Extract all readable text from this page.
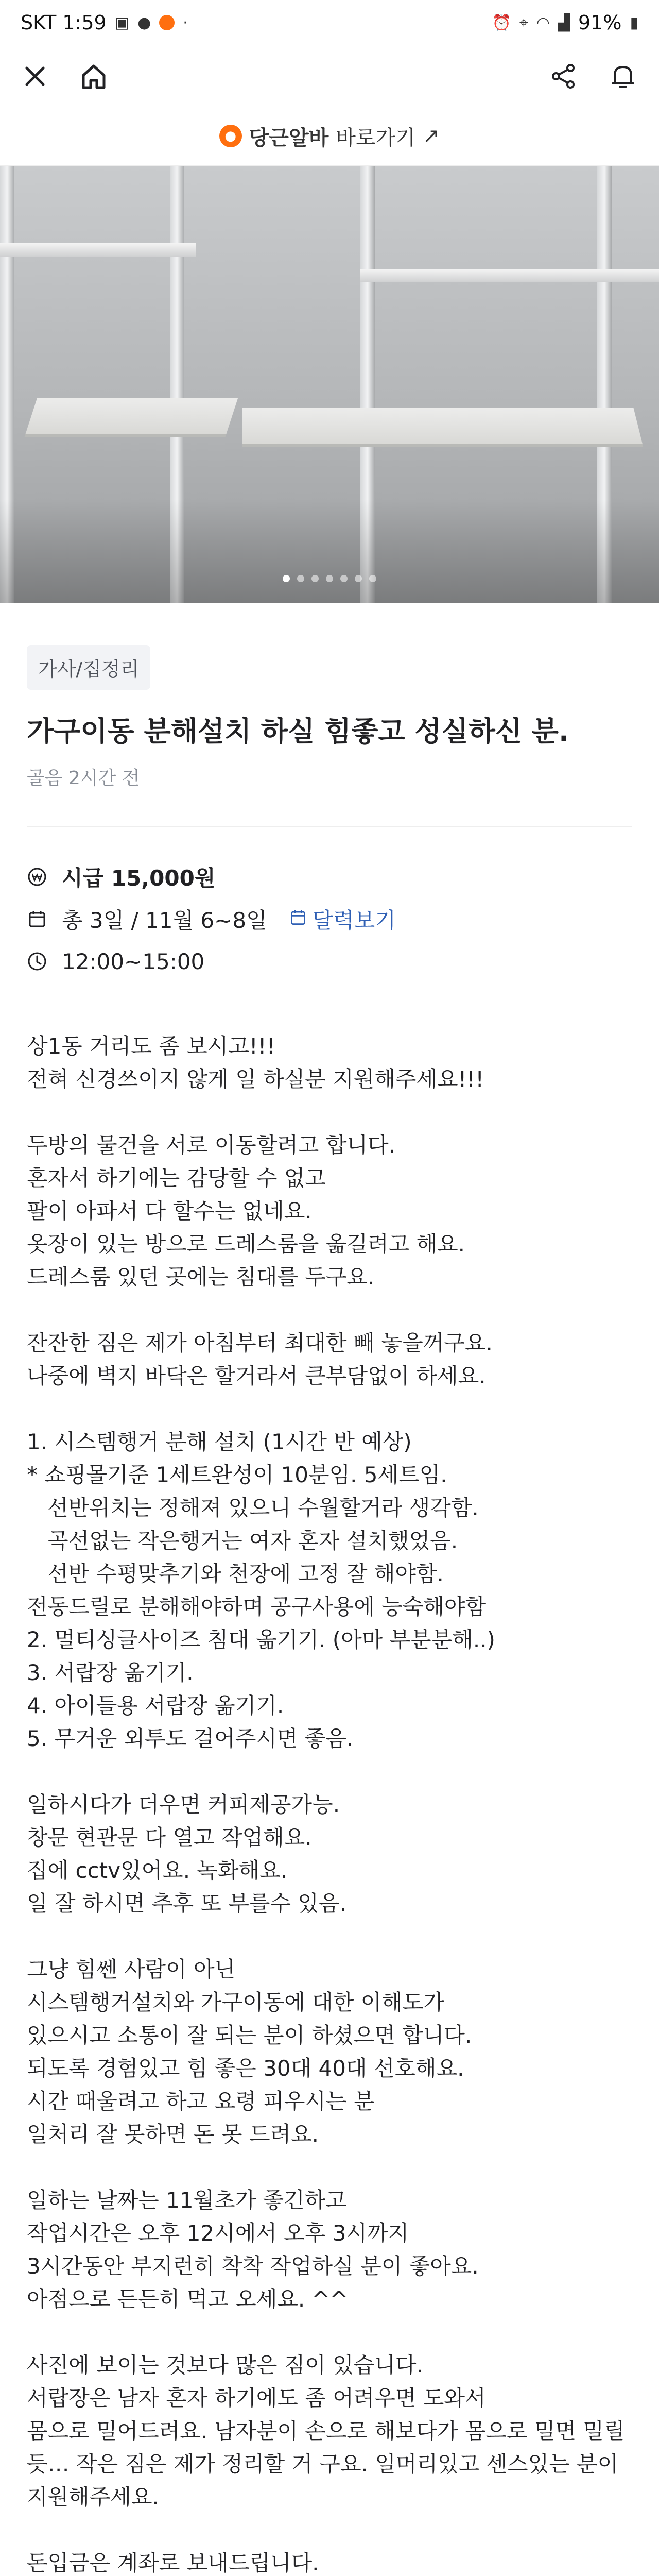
SKT 1:59 ▣ ● ·	⏰ ⌖ ◠ ▟ 91% ▮
● 당근알바 바로가기 ↗
가사/집정리
가구이동 분해설치 하실 힘좋고 성실하신 분.
골음 2시간 전
시급 15,000원
총 3일 / 11월 6~8일 달력보기
12:00~15:00
상1동 거리도 좀 보시고!!!
전혀 신경쓰이지 않게 일 하실분 지원해주세요!!!
두방의 물건을 서로 이동할려고 합니다.
혼자서 하기에는 감당할 수 없고
팔이 아파서 다 할수는 없네요.
옷장이 있는 방으로 드레스룸을 옮길려고 해요.
드레스룸 있던 곳에는 침대를 두구요.
잔잔한 짐은 제가 아침부터 최대한 빼 놓을꺼구요.
나중에 벽지 바닥은 할거라서 큰부담없이 하세요.
1. 시스템행거 분해 설치 (1시간 반 예상)
* 쇼핑몰기준 1세트완성이 10분임. 5세트임.
선반위치는 정해져 있으니 수월할거라 생각함.
곡선없는 작은행거는 여자 혼자 설치했었음.
선반 수평맞추기와 천장에 고정 잘 해야함.
전동드릴로 분해해야하며 공구사용에 능숙해야함
2. 멀티싱글사이즈 침대 옮기기. (아마 부분분해..)
3. 서랍장 옮기기.
4. 아이들용 서랍장 옮기기.
5. 무거운 외투도 걸어주시면 좋음.
일하시다가 더우면 커피제공가능.
창문 현관문 다 열고 작업해요.
집에 cctv있어요. 녹화해요.
일 잘 하시면 추후 또 부를수 있음.
그냥 힘쎈 사람이 아닌
시스템행거설치와 가구이동에 대한 이해도가
있으시고 소통이 잘 되는 분이 하셨으면 합니다.
되도록 경험있고 힘 좋은 30대 40대 선호해요.
시간 때울려고 하고 요령 피우시는 분
일처리 잘 못하면 돈 못 드려요.
일하는 날짜는 11월초가 좋긴하고
작업시간은 오후 12시에서 오후 3시까지
3시간동안 부지런히 착착 작업하실 분이 좋아요.
아점으로 든든히 먹고 오세요. ^^
사진에 보이는 것보다 많은 짐이 있습니다.
서랍장은 남자 혼자 하기에도 좀 어려우면 도와서
몸으로 밀어드려요. 남자분이 손으로 해보다가 몸으로 밀면 밀릴 듯… 작은 짐은 제가 정리할 거 구요. 일머리있고 센스있는 분이 지원해주세요.
돈입금은 계좌로 보내드립니다.
